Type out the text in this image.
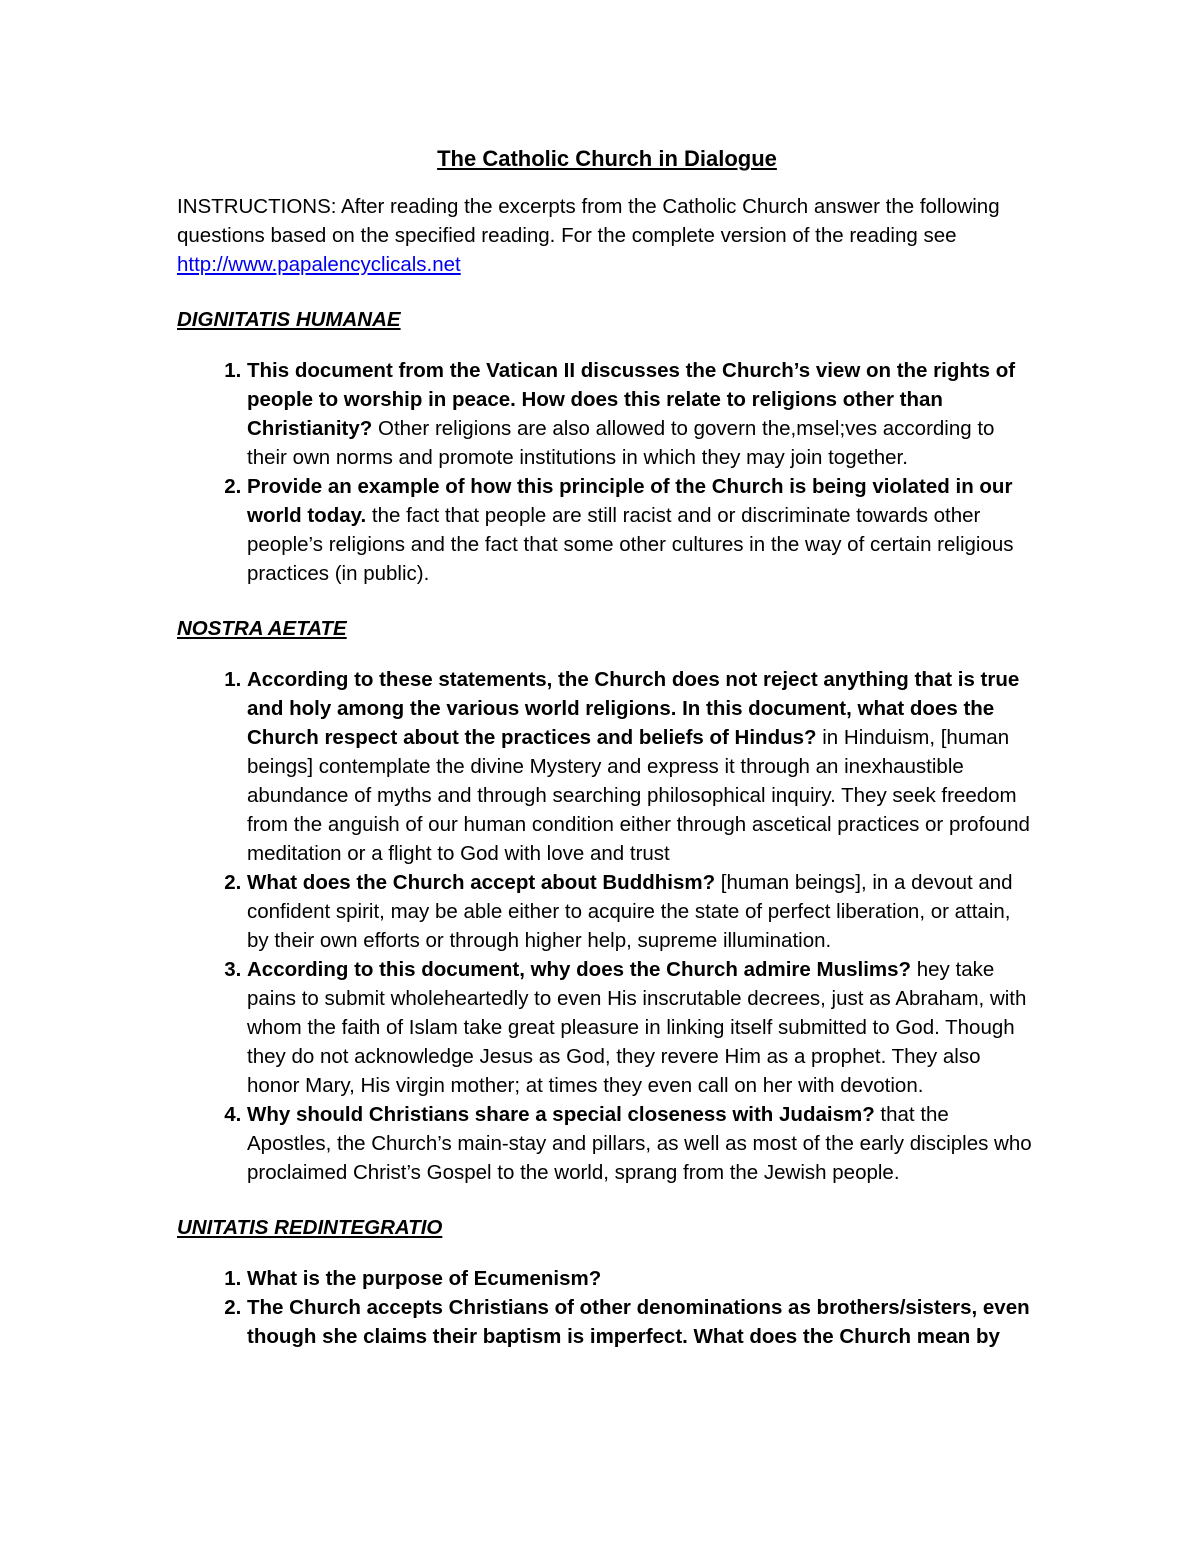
The Catholic Church in Dialogue
INSTRUCTIONS: After reading the excerpts from the Catholic Church answer the following questions based on the specified reading. For the complete version of the reading see http://www.papalencyclicals.net
DIGNITATIS HUMANAE
1. This document from the Vatican II discusses the Church’s view on the rights of people to worship in peace. How does this relate to religions other than Christianity? Other religions are also allowed to govern the,msel;ves according to their own norms and promote institutions in which they may join together.
2. Provide an example of how this principle of the Church is being violated in our world today. the fact that people are still racist and or discriminate towards other people’s religions and the fact that some other cultures in the way of certain religious practices (in public).
NOSTRA AETATE
1. According to these statements, the Church does not reject anything that is true and holy among the various world religions. In this document, what does the Church respect about the practices and beliefs of Hindus? in Hinduism, [human beings] contemplate the divine Mystery and express it through an inexhaustible abundance of myths and through searching philosophical inquiry. They seek freedom from the anguish of our human condition either through ascetical practices or profound meditation or a flight to God with love and trust
2. What does the Church accept about Buddhism? [human beings], in a devout and confident spirit, may be able either to acquire the state of perfect liberation, or attain, by their own efforts or through higher help, supreme illumination.
3. According to this document, why does the Church admire Muslims? hey take pains to submit wholeheartedly to even His inscrutable decrees, just as Abraham, with whom the faith of Islam take great pleasure in linking itself submitted to God. Though they do not acknowledge Jesus as God, they revere Him as a prophet. They also honor Mary, His virgin mother; at times they even call on her with devotion.
4. Why should Christians share a special closeness with Judaism? that the Apostles, the Church’s main-stay and pillars, as well as most of the early disciples who proclaimed Christ’s Gospel to the world, sprang from the Jewish people.
UNITATIS REDINTEGRATIO
1. What is the purpose of Ecumenism?
2. The Church accepts Christians of other denominations as brothers/sisters, even though she claims their baptism is imperfect. What does the Church mean by
